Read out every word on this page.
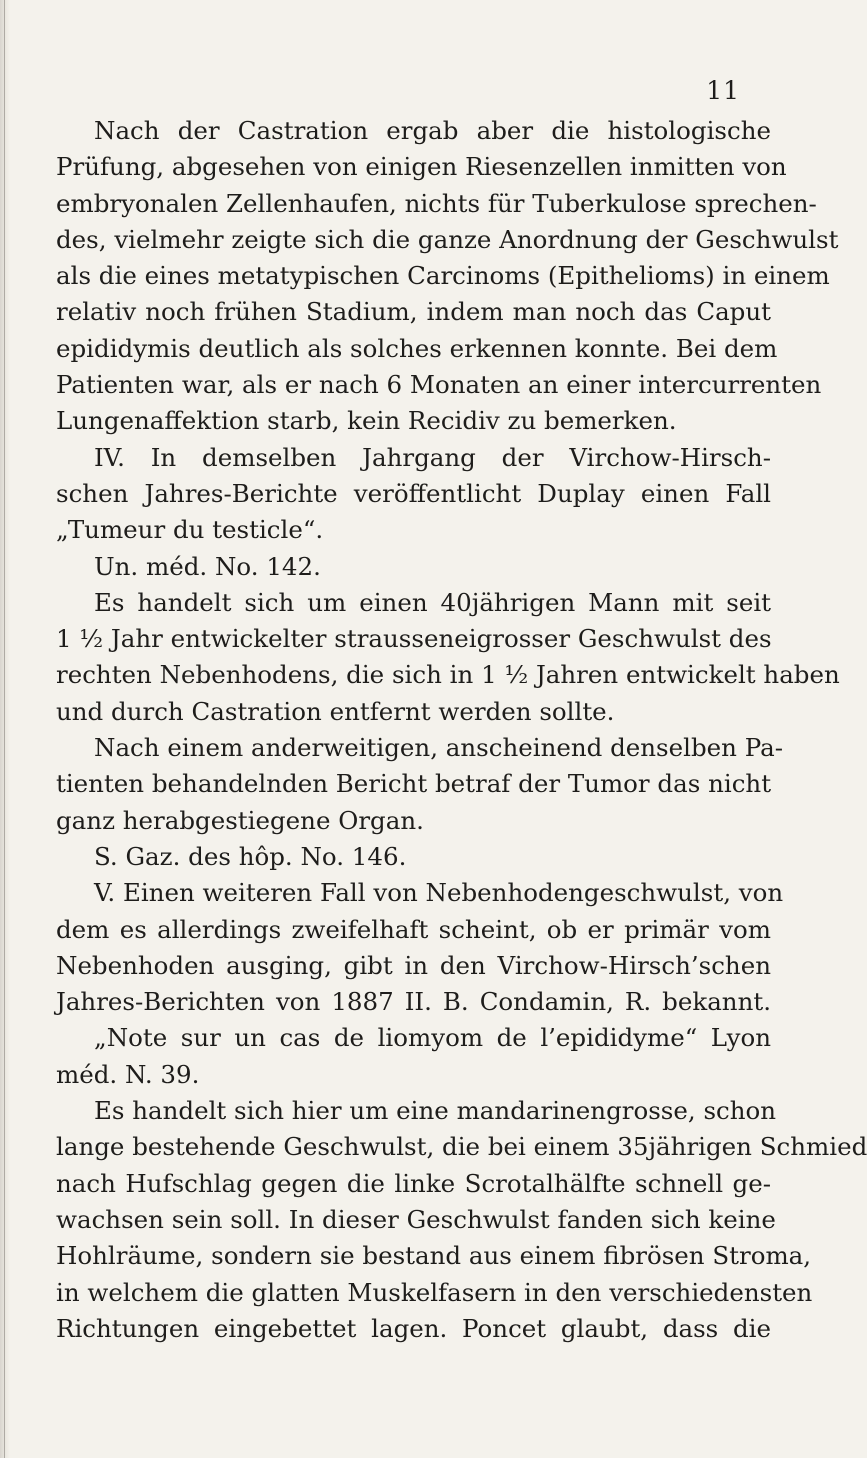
11
Nach der Castration ergab aber die histologische
Prüfung, abgesehen von einigen Riesenzellen inmitten von
embryonalen Zellenhaufen, nichts für Tuberkulose sprechen-
des, vielmehr zeigte sich die ganze Anordnung der Geschwulst
als die eines metatypischen Carcinoms (Epithelioms) in einem
relativ noch frühen Stadium, indem man noch das Caput
epididymis deutlich als solches erkennen konnte. Bei dem
Patienten war, als er nach 6 Monaten an einer intercurrenten
Lungenaffektion starb, kein Recidiv zu bemerken.
IV. In demselben Jahrgang der Virchow-Hirsch-
schen Jahres-Berichte veröffentlicht Duplay einen Fall
„Tumeur du testicle“.
Un. méd. No. 142.
Es handelt sich um einen 40jährigen Mann mit seit
1 ½ Jahr entwickelter strausseneigrosser Geschwulst des
rechten Nebenhodens, die sich in 1 ½ Jahren entwickelt haben
und durch Castration entfernt werden sollte.
Nach einem anderweitigen, anscheinend denselben Pa-
tienten behandelnden Bericht betraf der Tumor das nicht
ganz herabgestiegene Organ.
S. Gaz. des hôp. No. 146.
V. Einen weiteren Fall von Nebenhodengeschwulst, von
dem es allerdings zweifelhaft scheint, ob er primär vom
Nebenhoden ausging, gibt in den Virchow-Hirsch’schen
Jahres-Berichten von 1887 II. B. Condamin, R. bekannt.
„Note sur un cas de liomyom de l’epididyme“ Lyon
méd. N. 39.
Es handelt sich hier um eine mandarinengrosse, schon
lange bestehende Geschwulst, die bei einem 35jährigen Schmied
nach Hufschlag gegen die linke Scrotalhälfte schnell ge-
wachsen sein soll. In dieser Geschwulst fanden sich keine
Hohlräume, sondern sie bestand aus einem fibrösen Stroma,
in welchem die glatten Muskelfasern in den verschiedensten
Richtungen eingebettet lagen. Poncet glaubt, dass die
